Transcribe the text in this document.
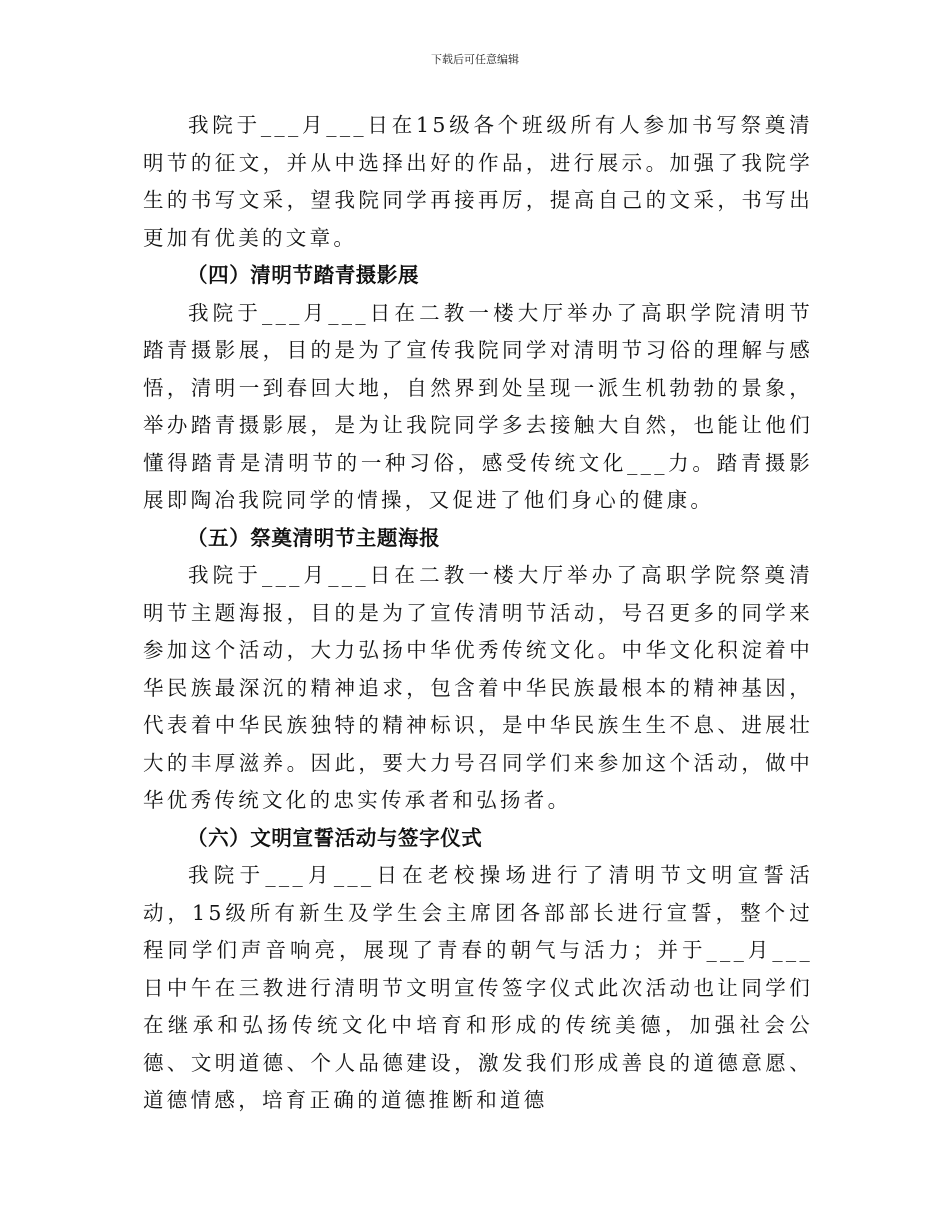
下载后可任意编辑

我院于___月___日在15级各个班级所有人参加书写祭奠清明节的征文，并从中选择出好的作品，进行展示。加强了我院学生的书写文采，望我院同学再接再厉，提高自己的文采，书写出更加有优美的文章。

（四）清明节踏青摄影展

我院于___月___日在二教一楼大厅举办了高职学院清明节踏青摄影展，目的是为了宣传我院同学对清明节习俗的理解与感悟，清明一到春回大地，自然界到处呈现一派生机勃勃的景象，举办踏青摄影展，是为让我院同学多去接触大自然，也能让他们懂得踏青是清明节的一种习俗，感受传统文化___力。踏青摄影展即陶冶我院同学的情操，又促进了他们身心的健康。

（五）祭奠清明节主题海报

我院于___月___日在二教一楼大厅举办了高职学院祭奠清明节主题海报，目的是为了宣传清明节活动，号召更多的同学来参加这个活动，大力弘扬中华优秀传统文化。中华文化积淀着中华民族最深沉的精神追求，包含着中华民族最根本的精神基因，代表着中华民族独特的精神标识，是中华民族生生不息、进展壮大的丰厚滋养。因此，要大力号召同学们来参加这个活动，做中华优秀传统文化的忠实传承者和弘扬者。

（六）文明宣誓活动与签字仪式

我院于___月___日在老校操场进行了清明节文明宣誓活动，15级所有新生及学生会主席团各部部长进行宣誓，整个过程同学们声音响亮，展现了青春的朝气与活力；并于___月___日中午在三教进行清明节文明宣传签字仪式此次活动也让同学们在继承和弘扬传统文化中培育和形成的传统美德，加强社会公德、文明道德、个人品德建设，激发我们形成善良的道德意愿、道德情感，培育正确的道德推断和道德
